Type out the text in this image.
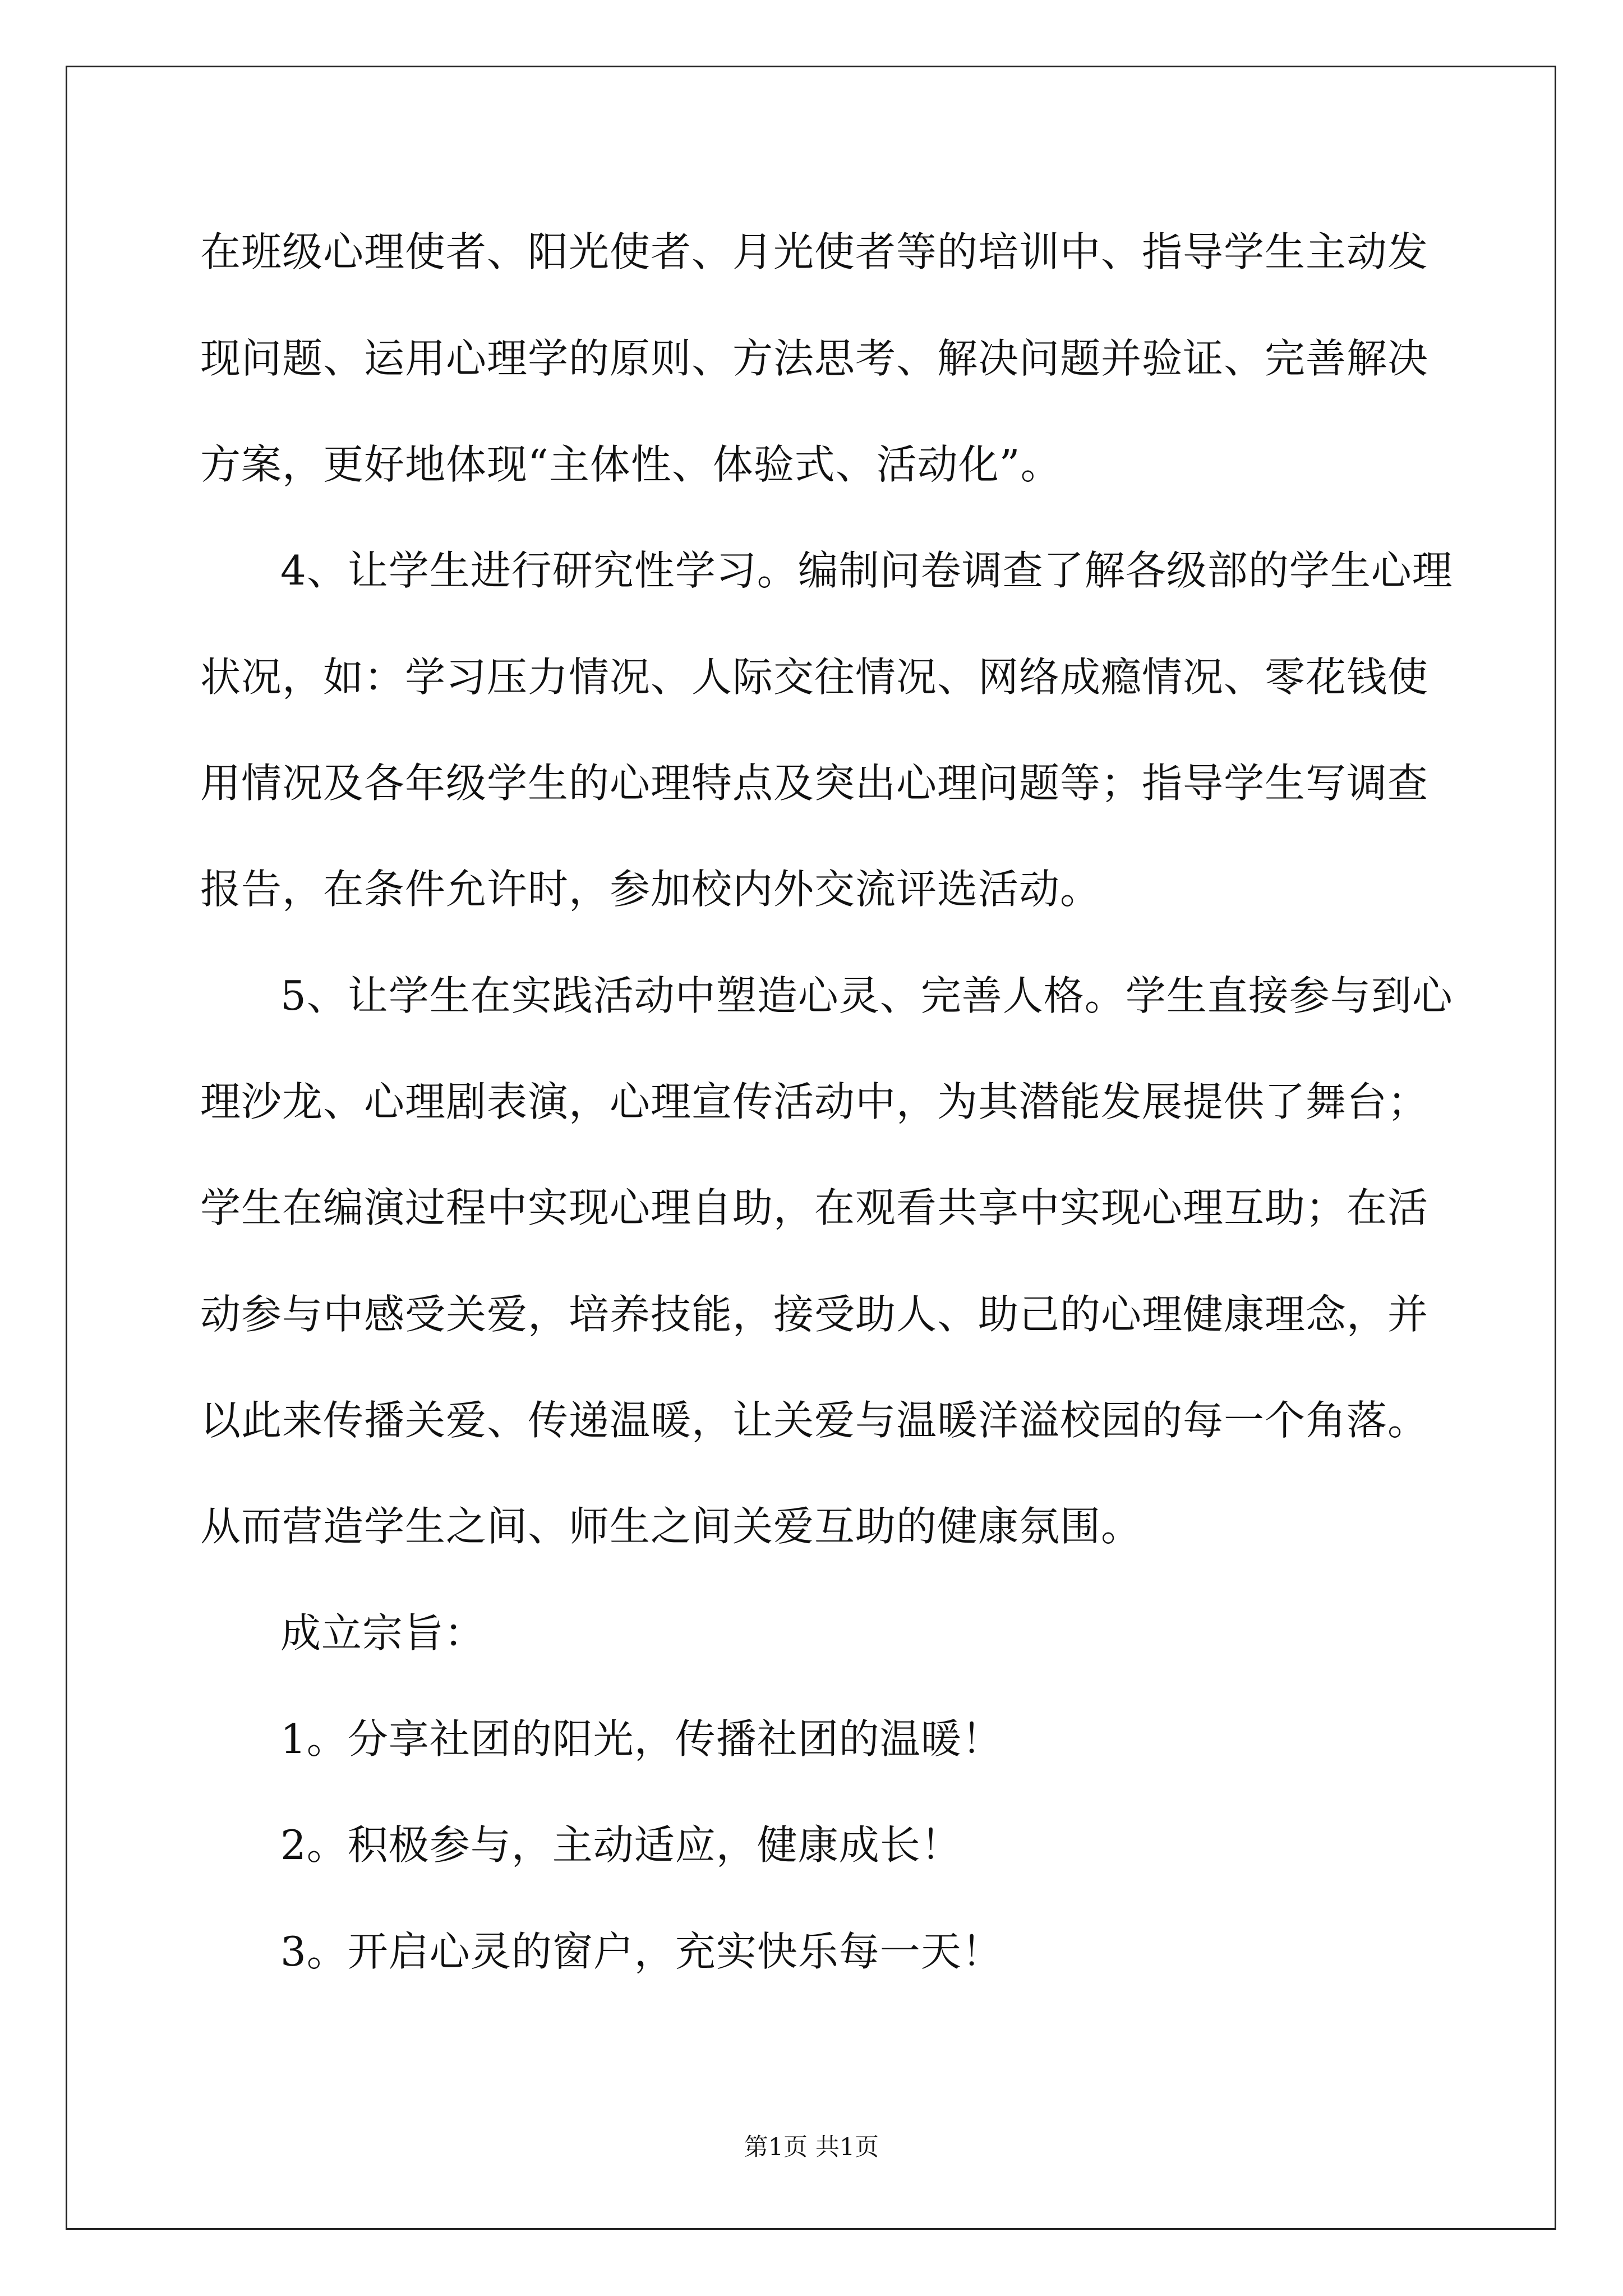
在班级心理使者、阳光使者、月光使者等的培训中、指导学生主动发
现问题、运用心理学的原则、方法思考、解决问题并验证、完善解决
方案，更好地体现“主体性、体验式、活动化”。
4、让学生进行研究性学习。编制问卷调查了解各级部的学生心理
状况，如：学习压力情况、人际交往情况、网络成瘾情况、零花钱使
用情况及各年级学生的心理特点及突出心理问题等；指导学生写调查
报告，在条件允许时，参加校内外交流评选活动。
5、让学生在实践活动中塑造心灵、完善人格。学生直接参与到心
理沙龙、心理剧表演，心理宣传活动中，为其潜能发展提供了舞台；
学生在编演过程中实现心理自助，在观看共享中实现心理互助；在活
动参与中感受关爱，培养技能，接受助人、助己的心理健康理念，并
以此来传播关爱、传递温暖，让关爱与温暖洋溢校园的每一个角落。
从而营造学生之间、师生之间关爱互助的健康氛围。
成立宗旨：
1。分享社团的阳光，传播社团的温暖！
2。积极参与，主动适应，健康成长！
3。开启心灵的窗户，充实快乐每一天！
第1页 共1页
